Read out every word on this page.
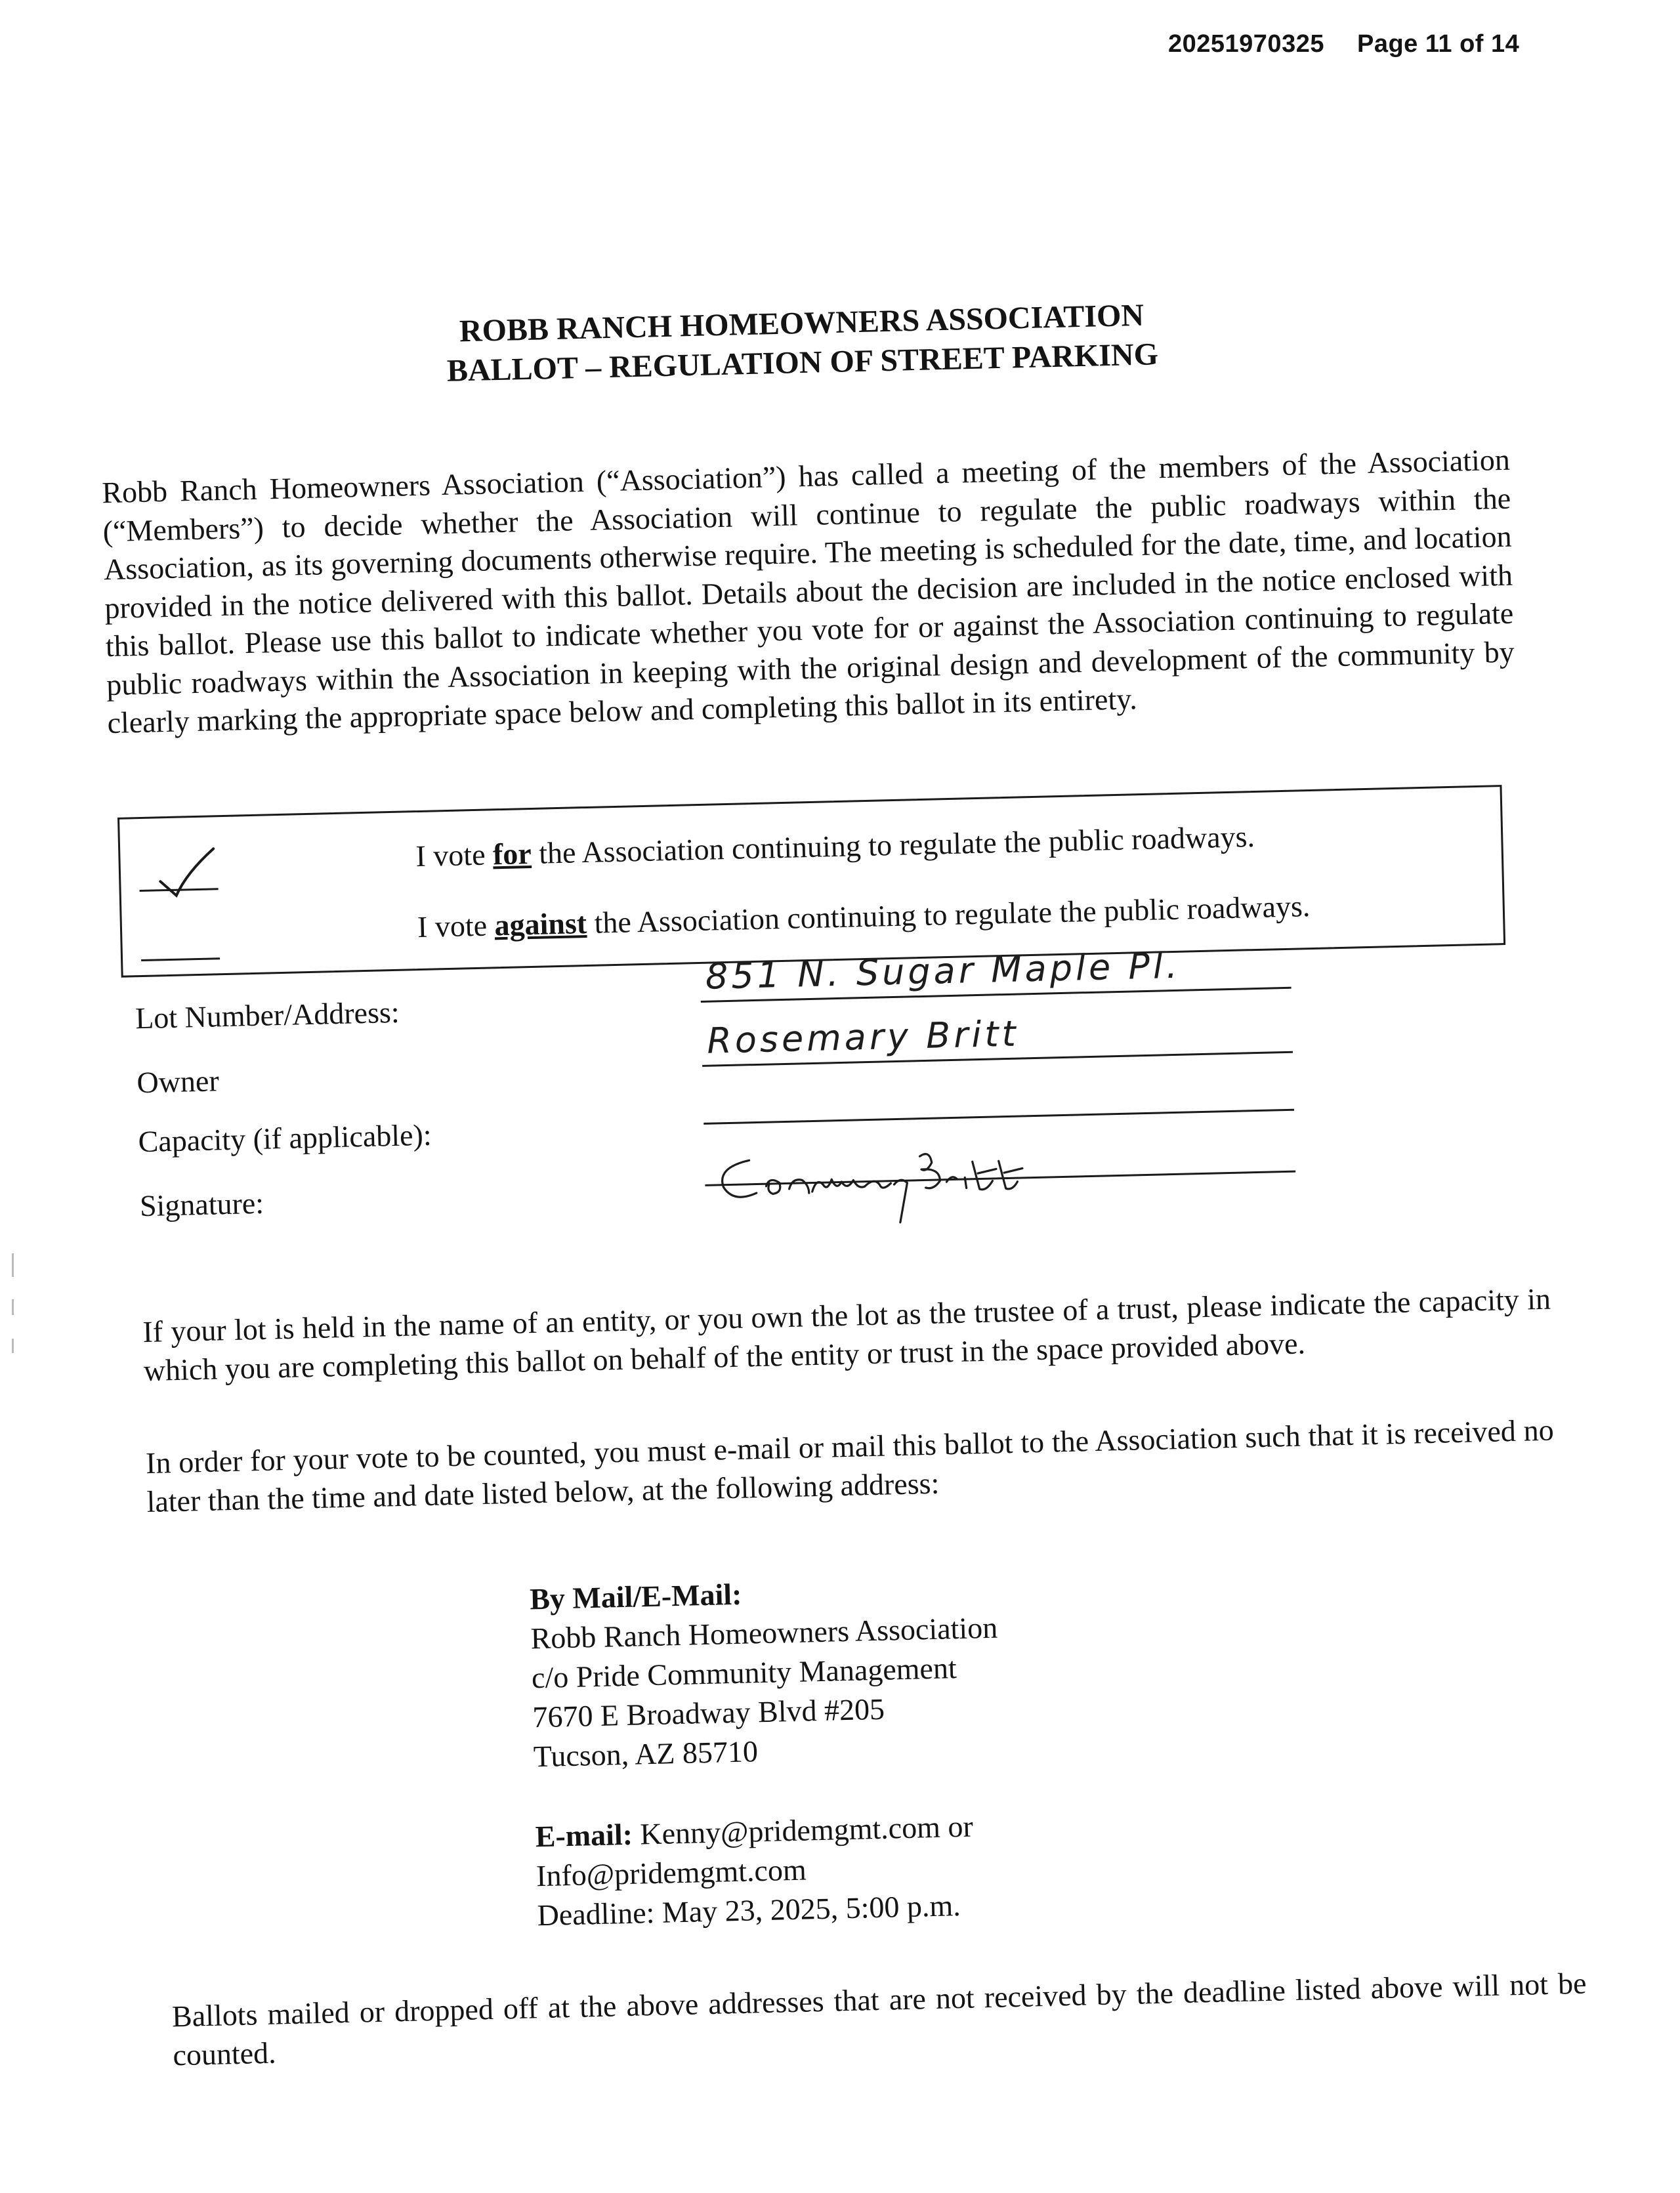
20251970325 Page 11 of 14
ROBB RANCH HOMEOWNERS ASSOCIATION
BALLOT – REGULATION OF STREET PARKING
Robb Ranch Homeowners Association (“Association”) has called a meeting of the members of the Association (“Members”) to decide whether the Association will continue to regulate the public roadways within the Association, as its governing documents otherwise require. The meeting is scheduled for the date, time, and location provided in the notice delivered with this ballot. Details about the decision are included in the notice enclosed with this ballot. Please use this ballot to indicate whether you vote for or against the Association continuing to regulate public roadways within the Association in keeping with the original design and development of the community by clearly marking the appropriate space below and completing this ballot in its entirety.
I vote for the Association continuing to regulate the public roadways.
I vote against the Association continuing to regulate the public roadways.
Lot Number/Address:
851 N. Sugar Maple Pl.
Owner
Rosemary Britt
Capacity (if applicable):
Signature:
If your lot is held in the name of an entity, or you own the lot as the trustee of a trust, please indicate the capacity in which you are completing this ballot on behalf of the entity or trust in the space provided above.
In order for your vote to be counted, you must e-mail or mail this ballot to the Association such that it is received no later than the time and date listed below, at the following address:
By Mail/E-Mail:
Robb Ranch Homeowners Association
c/o Pride Community Management
7670 E Broadway Blvd #205
Tucson, AZ 85710
E-mail: Kenny@pridemgmt.com or
Info@pridemgmt.com
Deadline: May 23, 2025, 5:00 p.m.
Ballots mailed or dropped off at the above addresses that are not received by the deadline listed above will not be counted.
